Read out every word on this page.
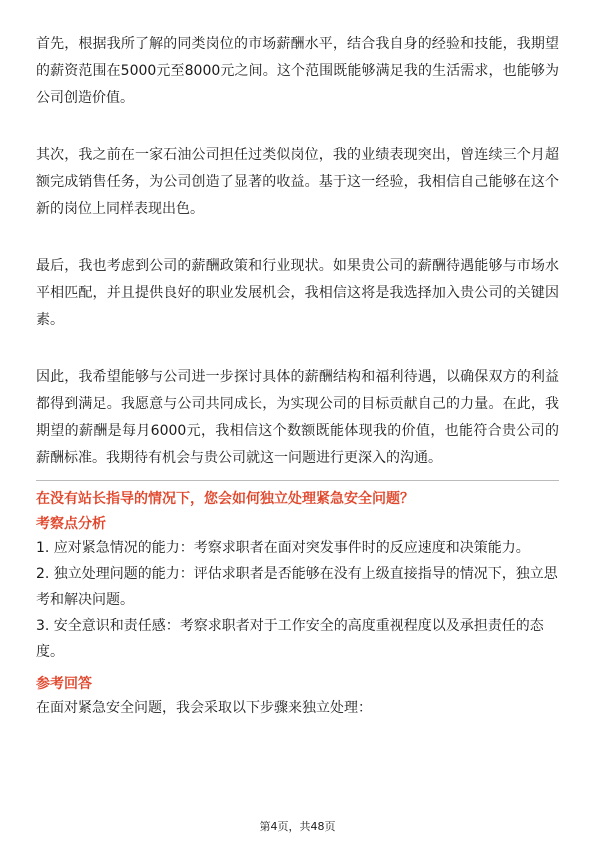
首先，根据我所了解的同类岗位的市场薪酬水平，结合我自身的经验和技能，我期望的薪资范围在5000元至8000元之间。这个范围既能够满足我的生活需求，也能够为公司创造价值。

其次，我之前在一家石油公司担任过类似岗位，我的业绩表现突出，曾连续三个月超额完成销售任务，为公司创造了显著的收益。基于这一经验，我相信自己能够在这个新的岗位上同样表现出色。

最后，我也考虑到公司的薪酬政策和行业现状。如果贵公司的薪酬待遇能够与市场水平相匹配，并且提供良好的职业发展机会，我相信这将是我选择加入贵公司的关键因素。

因此，我希望能够与公司进一步探讨具体的薪酬结构和福利待遇，以确保双方的利益都得到满足。我愿意与公司共同成长，为实现公司的目标贡献自己的力量。在此，我期望的薪酬是每月6000元，我相信这个数额既能体现我的价值，也能符合贵公司的薪酬标准。我期待有机会与贵公司就这一问题进行更深入的沟通。

在没有站长指导的情况下，您会如何独立处理紧急安全问题？

考察点分析

1. 应对紧急情况的能力：考察求职者在面对突发事件时的反应速度和决策能力。

2. 独立处理问题的能力：评估求职者是否能够在没有上级直接指导的情况下，独立思考和解决问题。

3. 安全意识和责任感：考察求职者对于工作安全的高度重视程度以及承担责任的态度。

参考回答

在面对紧急安全问题，我会采取以下步骤来独立处理：

第4页，共48页
